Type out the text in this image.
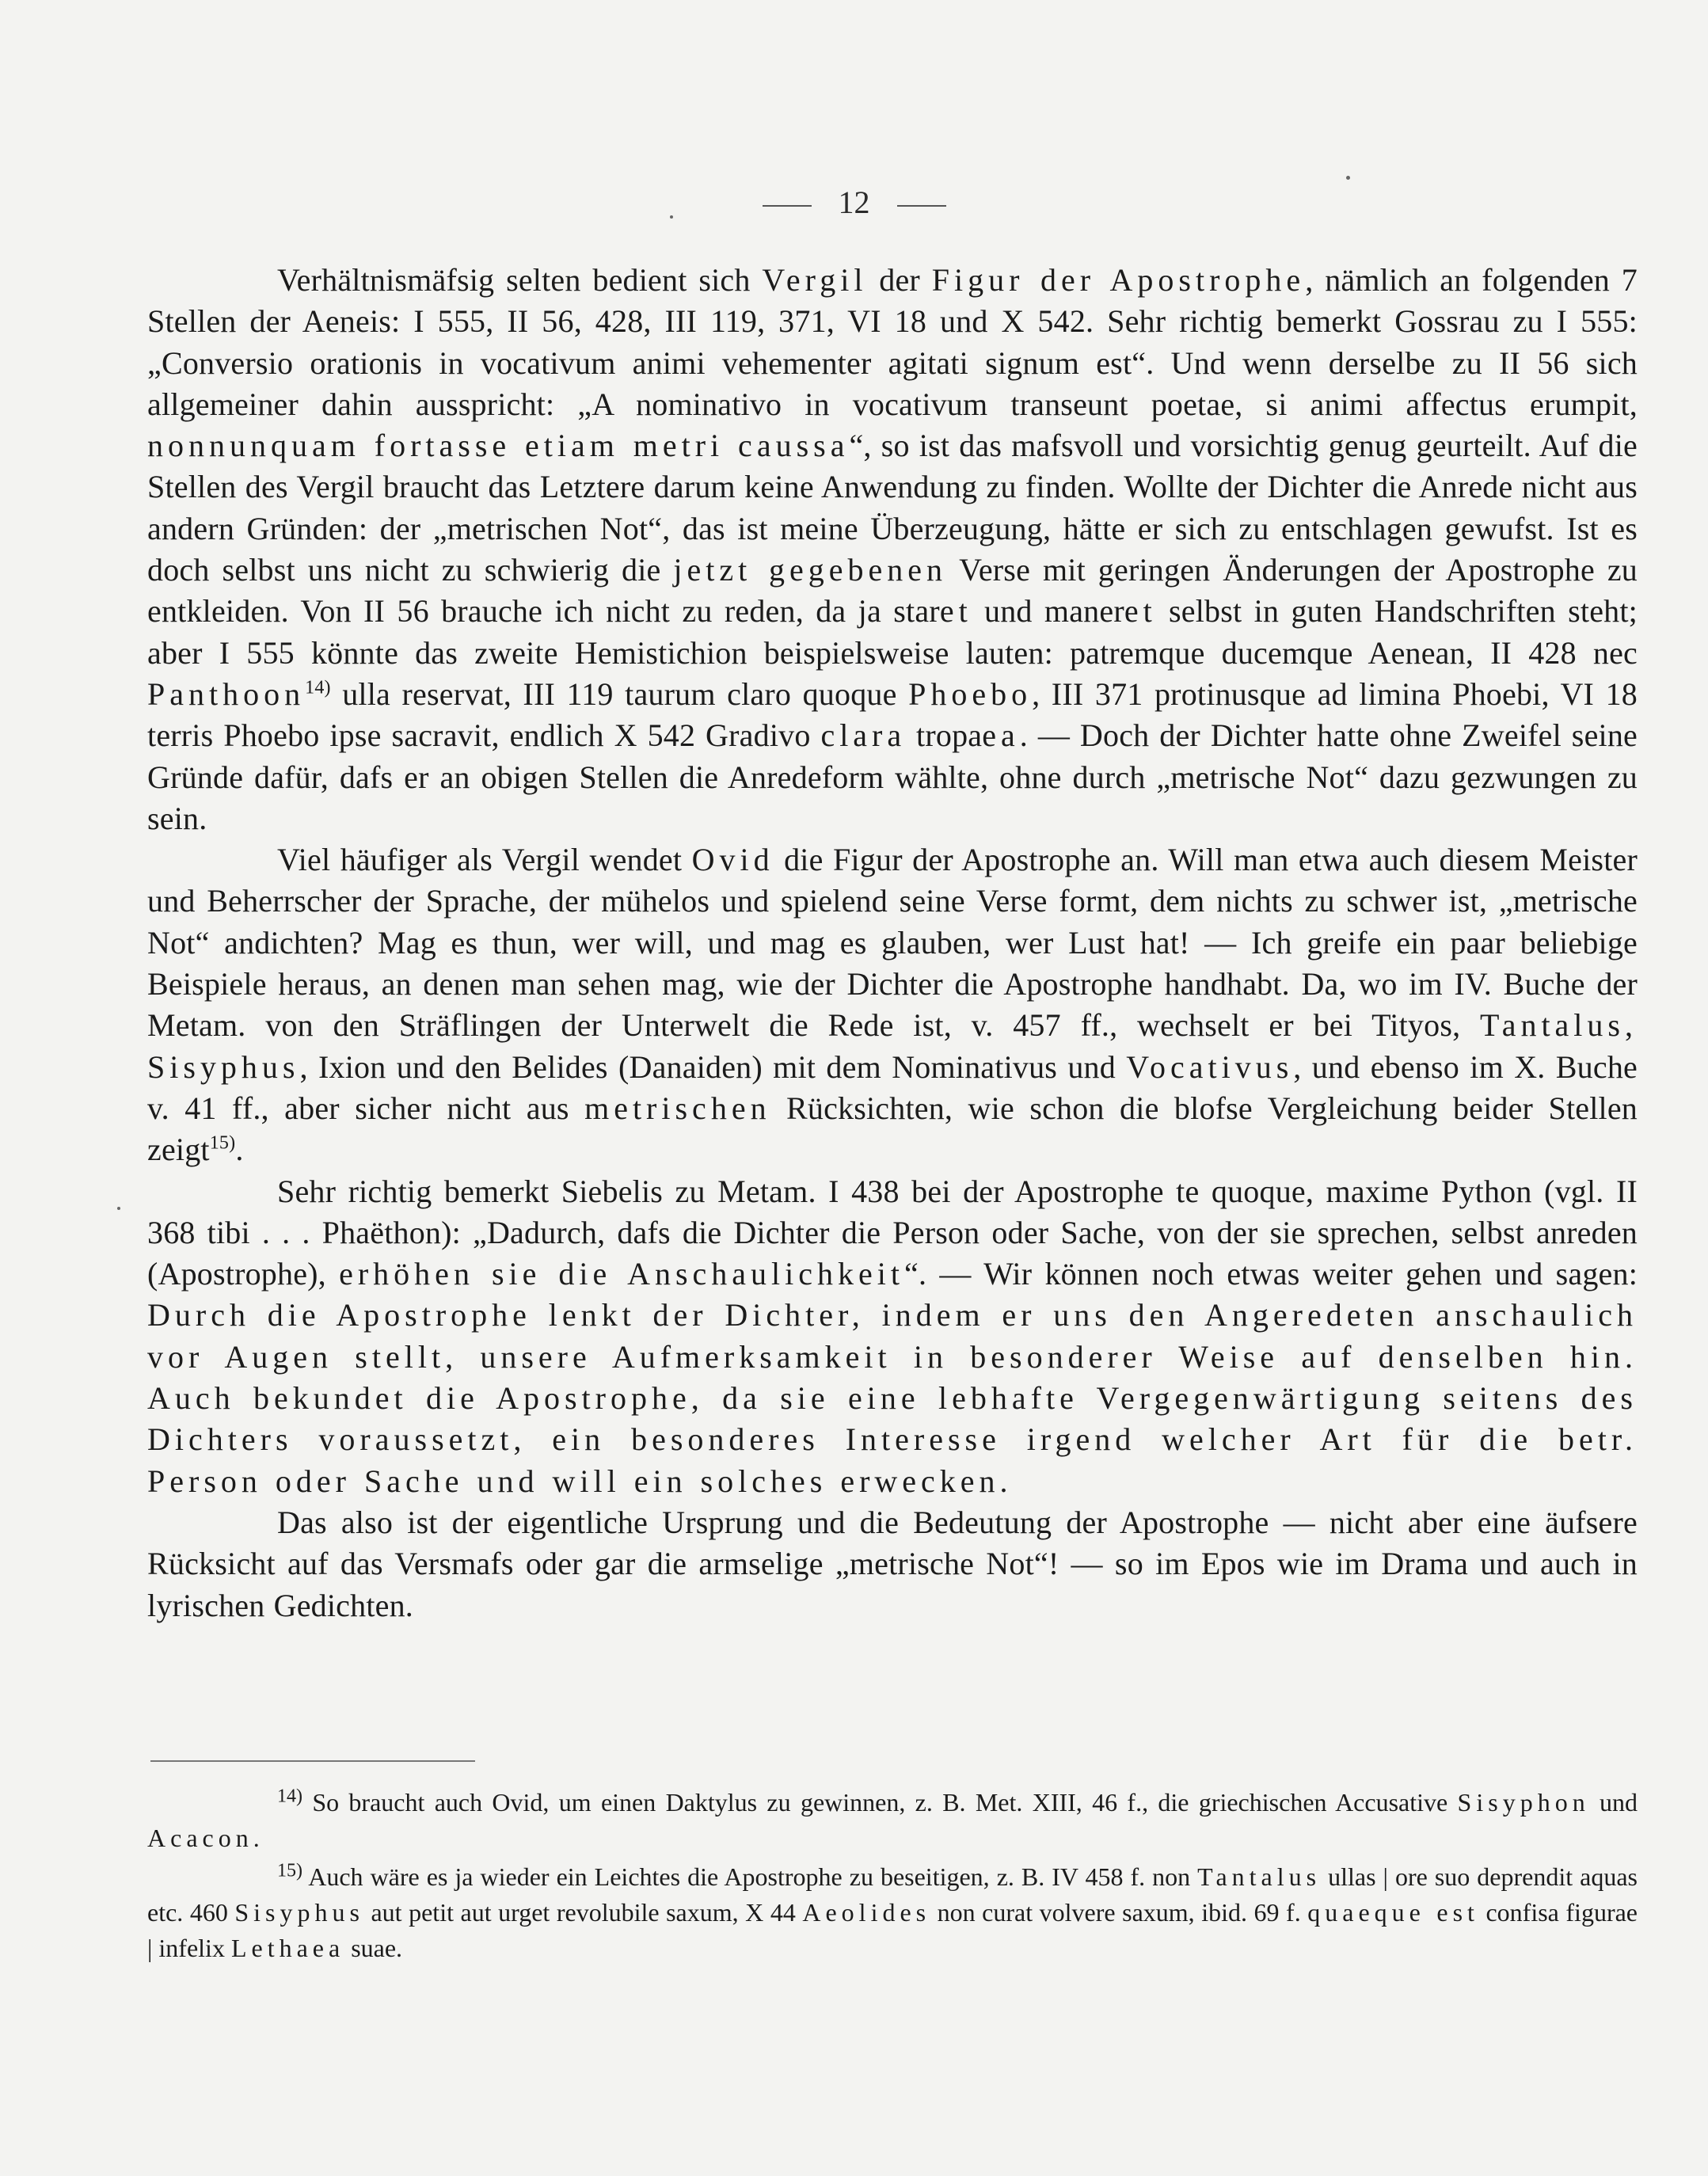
12

Verhältnismäfsig selten bedient sich Vergil der Figur der Apostrophe, nämlich an folgenden 7 Stellen der Aeneis: I 555, II 56, 428, III 119, 371, VI 18 und X 542. Sehr richtig bemerkt Gossrau zu I 555: „Conversio orationis in vocativum animi vehementer agitati signum est“. Und wenn derselbe zu II 56 sich allgemeiner dahin ausspricht: „A nominativo in vocativum transeunt poetae, si animi affectus erumpit, nonnunquam fortasse etiam metri caussa“, so ist das mafsvoll und vorsichtig genug geurteilt. Auf die Stellen des Vergil braucht das Letztere darum keine Anwendung zu finden. Wollte der Dichter die Anrede nicht aus andern Gründen: der „metrischen Not“, das ist meine Überzeugung, hätte er sich zu entschlagen gewufst. Ist es doch selbst uns nicht zu schwierig die jetzt gegebenen Verse mit geringen Änderungen der Apostrophe zu entkleiden. Von II 56 brauche ich nicht zu reden, da ja staret und maneret selbst in guten Handschriften steht; aber I 555 könnte das zweite Hemistichion beispielsweise lauten: patremque ducemque Aenean, II 428 nec Panthoon$^{14)}$ ulla reservat, III 119 taurum claro quoque Phoebo, III 371 protinusque ad limina Phoebi, VI 18 terris Phoebo ipse sacravit, endlich X 542 Gradivo clara tropaea. — Doch der Dichter hatte ohne Zweifel seine Gründe dafür, dafs er an obigen Stellen die Anredeform wählte, ohne durch „metrische Not“ dazu gezwungen zu sein.

Viel häufiger als Vergil wendet Ovid die Figur der Apostrophe an. Will man etwa auch diesem Meister und Beherrscher der Sprache, der mühelos und spielend seine Verse formt, dem nichts zu schwer ist, „metrische Not“ andichten? Mag es thun, wer will, und mag es glauben, wer Lust hat! — Ich greife ein paar beliebige Beispiele heraus, an denen man sehen mag, wie der Dichter die Apostrophe handhabt. Da, wo im IV. Buche der Metam. von den Sträflingen der Unterwelt die Rede ist, v. 457 ff., wechselt er bei Tityos, Tantalus, Sisyphus, Ixion und den Belides (Danaiden) mit dem Nominativus und Vocativus, und ebenso im X. Buche v. 41 ff., aber sicher nicht aus metrischen Rücksichten, wie schon die blofse Vergleichung beider Stellen zeigt$^{15)}$.

Sehr richtig bemerkt Siebelis zu Metam. I 438 bei der Apostrophe te quoque, maxime Python (vgl. II 368 tibi . . . Phaëthon): „Dadurch, dafs die Dichter die Person oder Sache, von der sie sprechen, selbst anreden (Apostrophe), erhöhen sie die Anschaulichkeit“. — Wir können noch etwas weiter gehen und sagen: Durch die Apostrophe lenkt der Dichter, indem er uns den Angeredeten anschaulich vor Augen stellt, unsere Aufmerksamkeit in besonderer Weise auf denselben hin. Auch bekundet die Apostrophe, da sie eine lebhafte Vergegenwärtigung seitens des Dichters voraussetzt, ein besonderes Interesse irgend welcher Art für die betr. Person oder Sache und will ein solches erwecken.

Das also ist der eigentliche Ursprung und die Bedeutung der Apostrophe — nicht aber eine äufsere Rücksicht auf das Versmafs oder gar die armselige „metrische Not“! — so im Epos wie im Drama und auch in lyrischen Gedichten.

$^{14)}$ So braucht auch Ovid, um einen Daktylus zu gewinnen, z. B. Met. XIII, 46 f., die griechischen Accusative Sisyphon und Acacon.

$^{15)}$ Auch wäre es ja wieder ein Leichtes die Apostrophe zu beseitigen, z. B. IV 458 f. non Tantalus ullas | ore suo deprendit aquas etc. 460 Sisyphus aut petit aut urget revolubile saxum, X 44 Aeolides non curat volvere saxum, ibid. 69 f. quaeque est confisa figurae | infelix Lethaea suae.
